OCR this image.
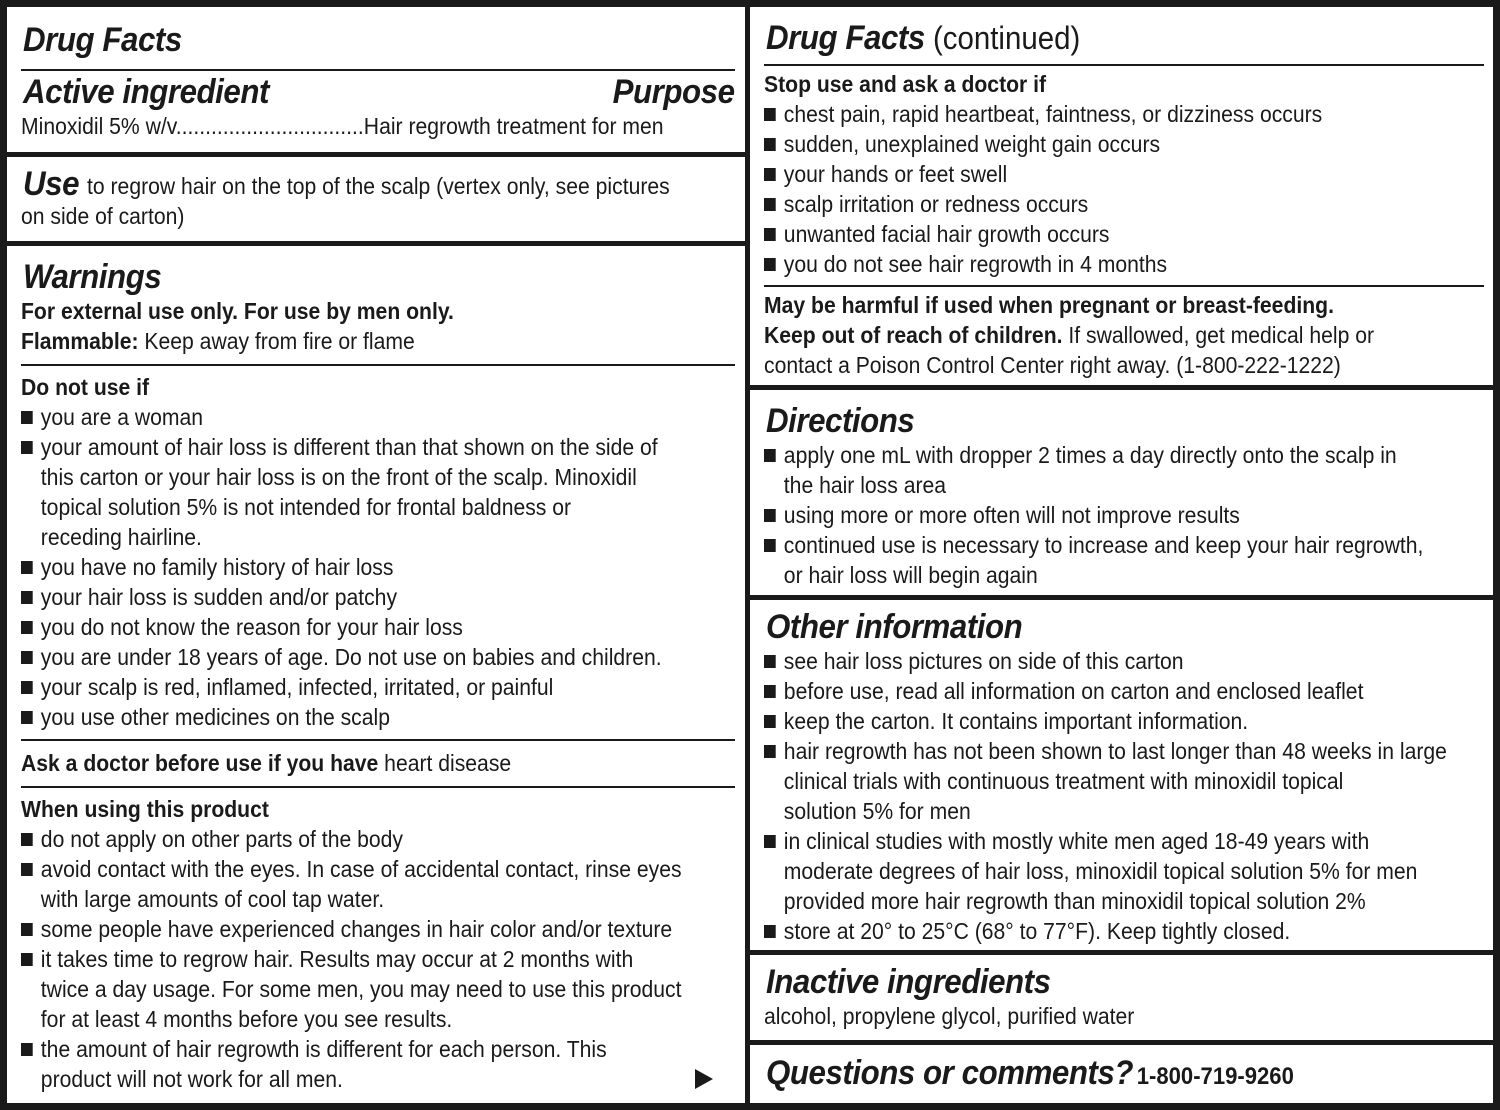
Drug Facts
Active ingredient	Purpose
Minoxidil 5% w/v................................Hair regrowth treatment for men
Use to regrow hair on the top of the scalp (vertex only, see pictures
on side of carton)
Warnings
For external use only. For use by men only.
Flammable: Keep away from fire or flame
Do not use if
you are a woman
your amount of hair loss is different than that shown on the side of
this carton or your hair loss is on the front of the scalp. Minoxidil
topical solution 5% is not intended for frontal baldness or
receding hairline.
you have no family history of hair loss
your hair loss is sudden and/or patchy
you do not know the reason for your hair loss
you are under 18 years of age. Do not use on babies and children.
your scalp is red, inflamed, infected, irritated, or painful
you use other medicines on the scalp
Ask a doctor before use if you have heart disease
When using this product
do not apply on other parts of the body
avoid contact with the eyes. In case of accidental contact, rinse eyes
with large amounts of cool tap water.
some people have experienced changes in hair color and/or texture
it takes time to regrow hair. Results may occur at 2 months with
twice a day usage. For some men, you may need to use this product
for at least 4 months before you see results.
the amount of hair regrowth is different for each person. This
product will not work for all men.
Drug Facts (continued)
Stop use and ask a doctor if
chest pain, rapid heartbeat, faintness, or dizziness occurs
sudden, unexplained weight gain occurs
your hands or feet swell
scalp irritation or redness occurs
unwanted facial hair growth occurs
you do not see hair regrowth in 4 months
May be harmful if used when pregnant or breast-feeding.
Keep out of reach of children. If swallowed, get medical help or
contact a Poison Control Center right away. (1-800-222-1222)
Directions
apply one mL with dropper 2 times a day directly onto the scalp in
the hair loss area
using more or more often will not improve results
continued use is necessary to increase and keep your hair regrowth,
or hair loss will begin again
Other information
see hair loss pictures on side of this carton
before use, read all information on carton and enclosed leaflet
keep the carton. It contains important information.
hair regrowth has not been shown to last longer than 48 weeks in large
clinical trials with continuous treatment with minoxidil topical
solution 5% for men
in clinical studies with mostly white men aged 18-49 years with
moderate degrees of hair loss, minoxidil topical solution 5% for men
provided more hair regrowth than minoxidil topical solution 2%
store at 20° to 25°C (68° to 77°F). Keep tightly closed.
Inactive ingredients
alcohol, propylene glycol, purified water
Questions or comments? 1-800-719-9260
